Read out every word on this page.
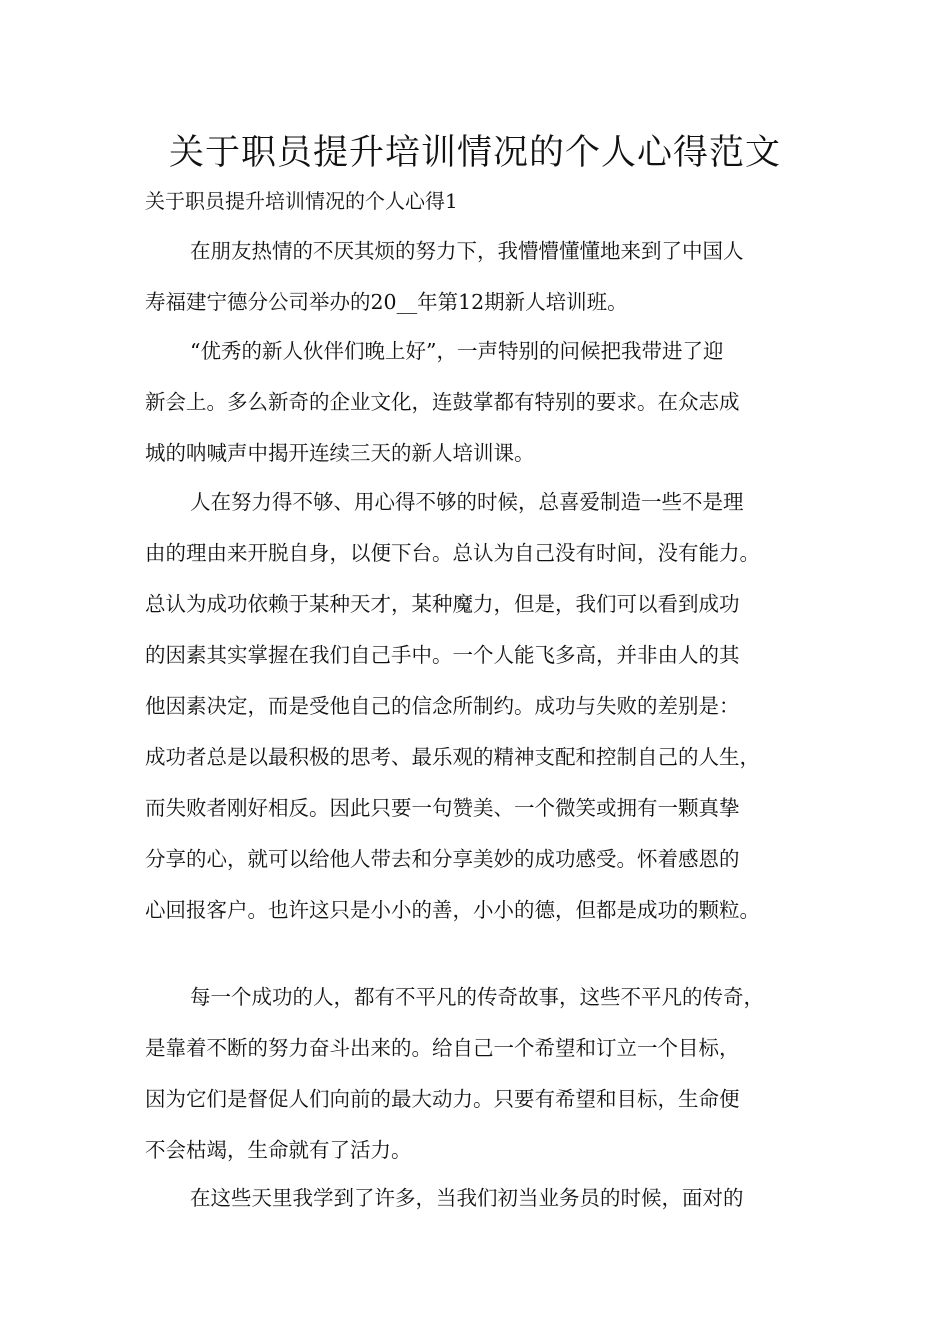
关于职员提升培训情况的个人心得范文

关于职员提升培训情况的个人心得1

在朋友热情的不厌其烦的努力下，我懵懵懂懂地来到了中国人
寿福建宁德分公司举办的20__年第12期新人培训班。
“优秀的新人伙伴们晚上好”，一声特别的问候把我带进了迎
新会上。多么新奇的企业文化，连鼓掌都有特别的要求。在众志成
城的呐喊声中揭开连续三天的新人培训课。
人在努力得不够、用心得不够的时候，总喜爱制造一些不是理
由的理由来开脱自身，以便下台。总认为自己没有时间，没有能力。
总认为成功依赖于某种天才，某种魔力，但是，我们可以看到成功
的因素其实掌握在我们自己手中。一个人能飞多高，并非由人的其
他因素决定，而是受他自己的信念所制约。成功与失败的差别是：
成功者总是以最积极的思考、最乐观的精神支配和控制自己的人生，
而失败者刚好相反。因此只要一句赞美、一个微笑或拥有一颗真挚
分享的心，就可以给他人带去和分享美妙的成功感受。怀着感恩的
心回报客户。也许这只是小小的善，小小的德，但都是成功的颗粒。
每一个成功的人，都有不平凡的传奇故事，这些不平凡的传奇，
是靠着不断的努力奋斗出来的。给自己一个希望和订立一个目标，
因为它们是督促人们向前的最大动力。只要有希望和目标，生命便
不会枯竭，生命就有了活力。
在这些天里我学到了许多，当我们初当业务员的时候，面对的
